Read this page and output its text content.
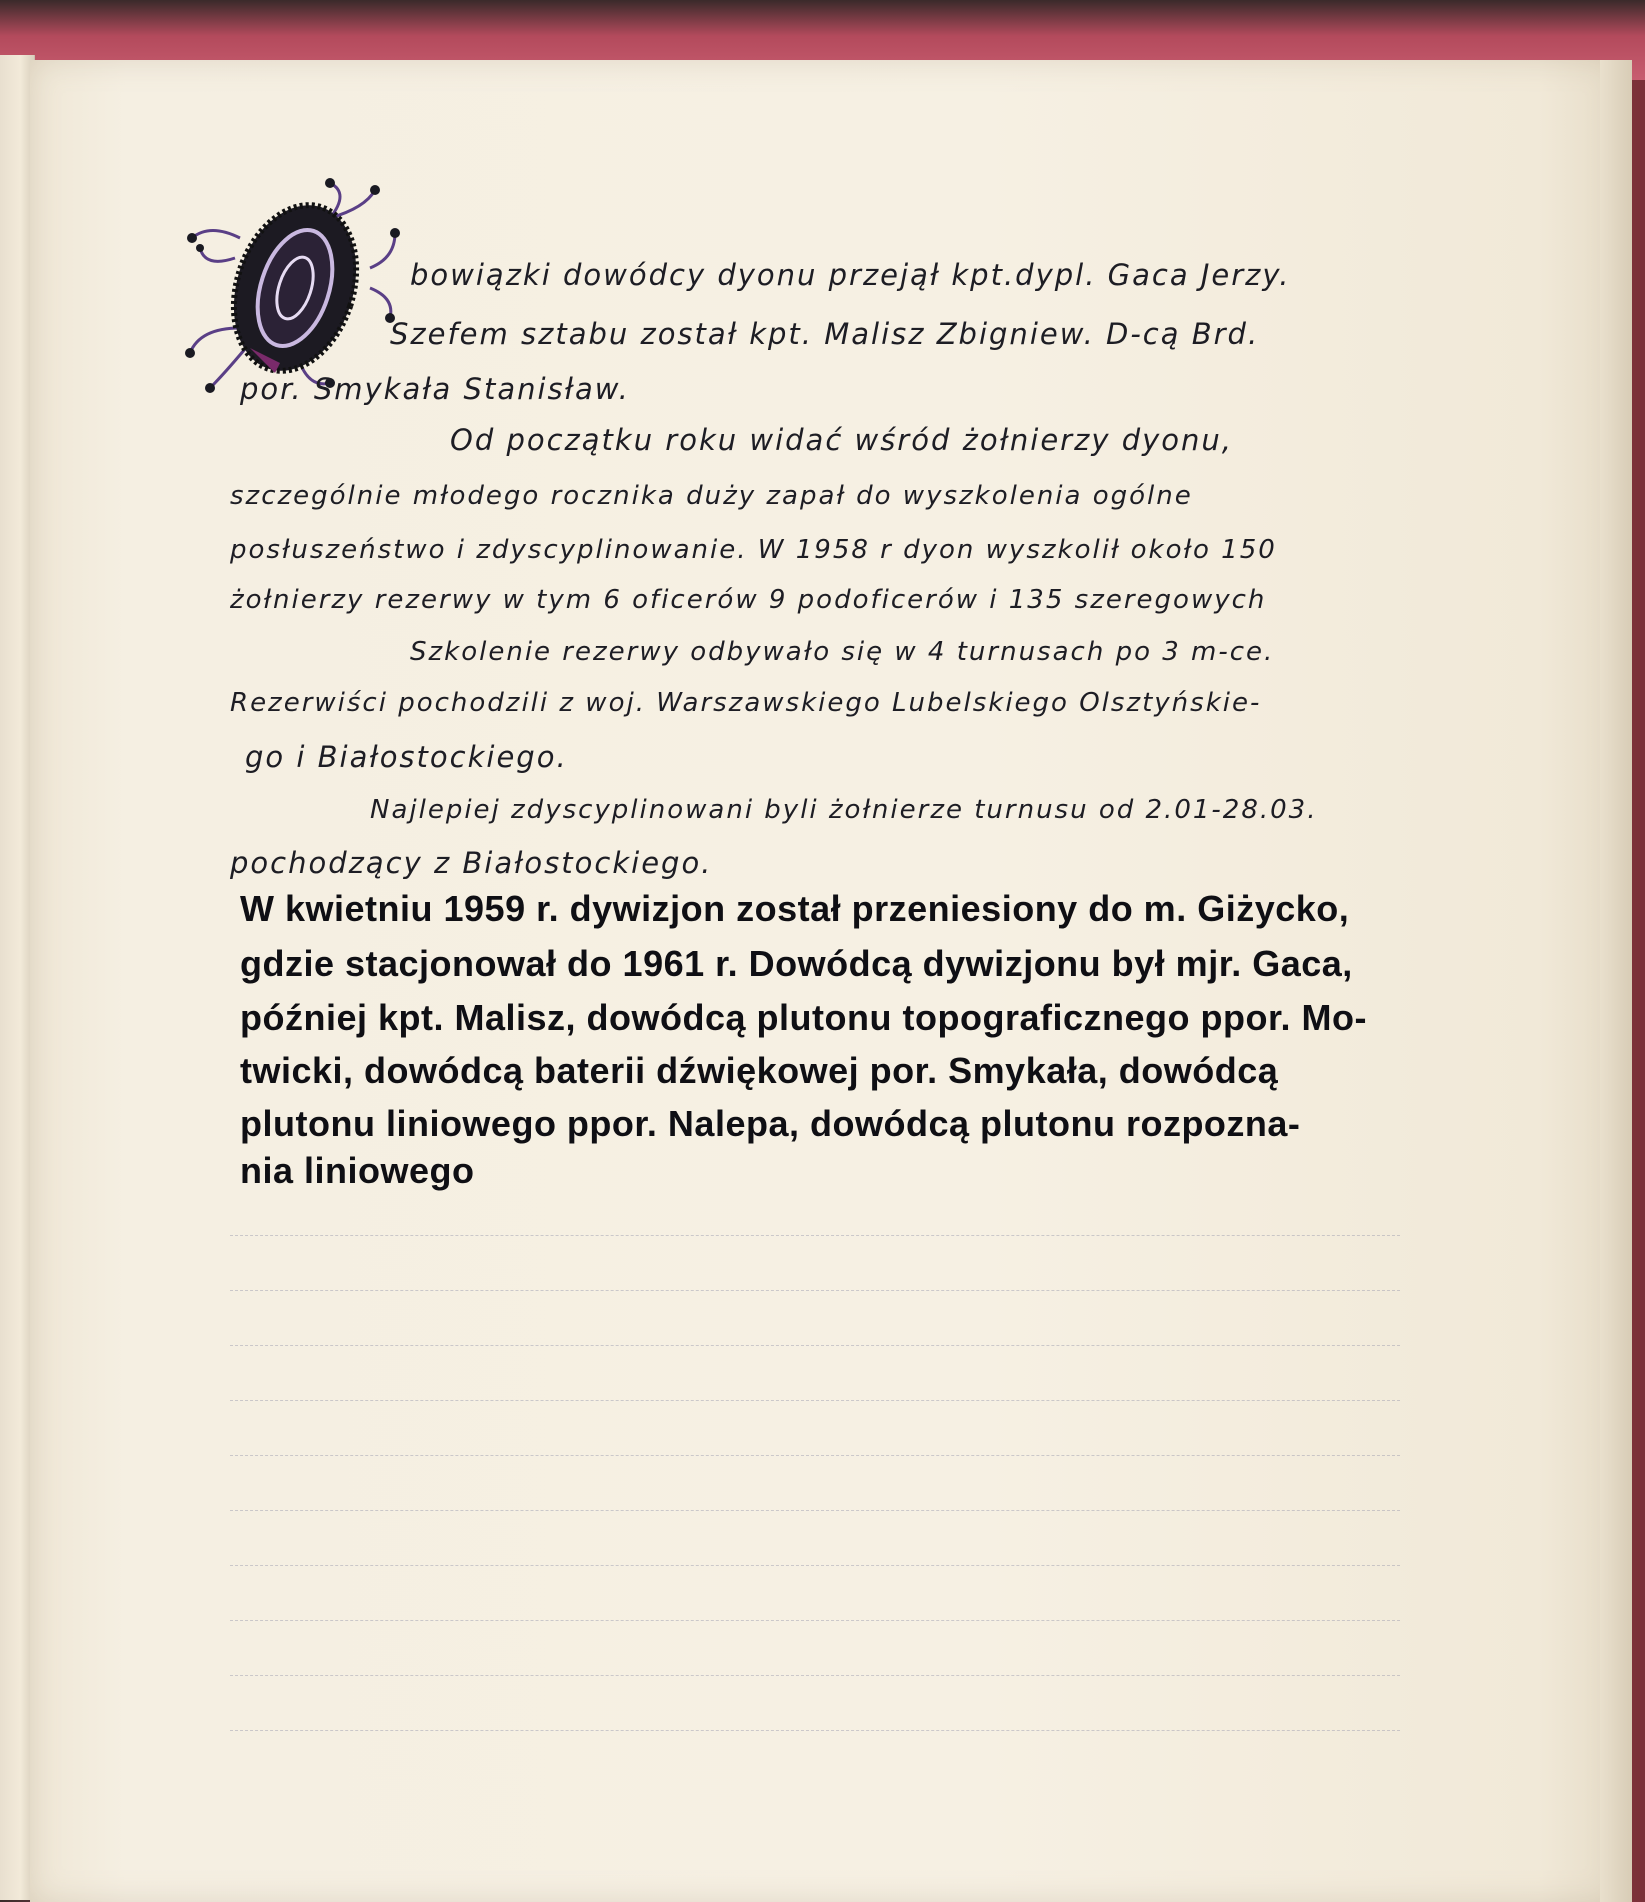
bowiązki dowódcy dyonu przejął kpt.dypl. Gaca Jerzy.
Szefem sztabu został kpt. Malisz Zbigniew. D-cą Brd.
por. Smykała Stanisław.
Od początku roku widać wśród żołnierzy dyonu,
szczególnie młodego rocznika duży zapał do wyszkolenia ogólne
posłuszeństwo i zdyscyplinowanie. W 1958 r dyon wyszkolił około 150
żołnierzy rezerwy w tym 6 oficerów 9 podoficerów i 135 szeregowych
Szkolenie rezerwy odbywało się w 4 turnusach po 3 m-ce.
Rezerwiści pochodzili z woj. Warszawskiego Lubelskiego Olsztyńskie-
go i Białostockiego.
Najlepiej zdyscyplinowani byli żołnierze turnusu od 2.01-28.03.
pochodzący z Białostockiego.
W kwietniu 1959 r. dywizjon został przeniesiony do m. Giżycko,
gdzie stacjonował do 1961 r. Dowódcą dywizjonu był mjr. Gaca,
później kpt. Malisz, dowódcą plutonu topograficznego ppor. Mo-
twicki, dowódcą baterii dźwiękowej por. Smykała, dowódcą
plutonu liniowego ppor. Nalepa, dowódcą plutonu rozpozna-
nia liniowego
